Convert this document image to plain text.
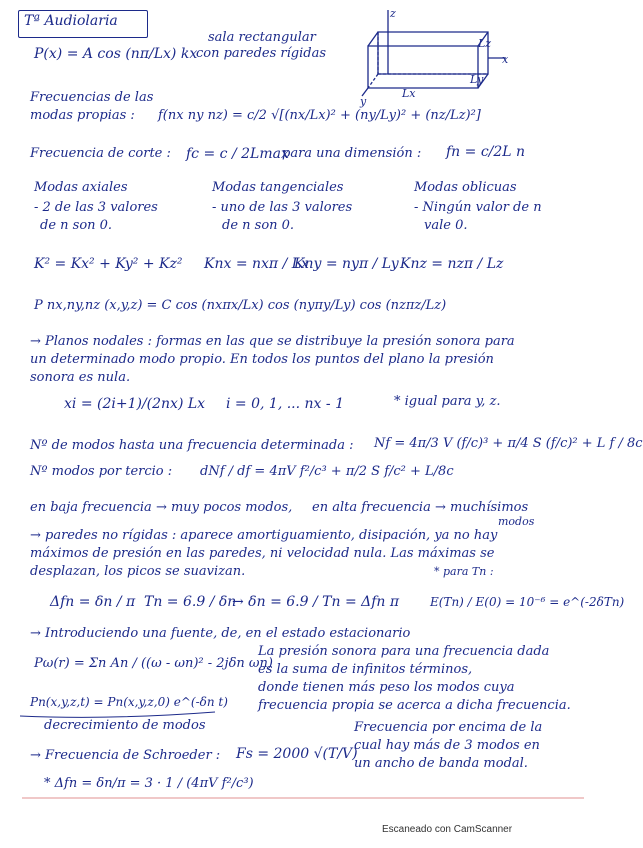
Tª Audiolaria	z
x
y
Lz
Ly
Lx
P(x) = A cos (nπ/Lx) kx
sala rectangular
con paredes rígidas
Frecuencias de las
modas propias : f(nx ny nz) = c/2 √[(nx/Lx)² + (ny/Ly)² + (nz/Lz)²]
Frecuencia de corte : fc = c / 2Lmax
para una dimensión : fn = c/2L n
Modas axiales
- 2 de las 3 valores
de n son 0.
Modas tangenciales
- uno de las 3 valores
de n son 0.
Modas oblicuas
- Ningún valor de n
vale 0.
K² = Kx² + Ky² + Kz² Knx = nxπ / Lx
Kny = nyπ / Ly Knz = nzπ / Lz
P nx,ny,nz (x,y,z) = C cos (nxπx/Lx) cos (nyπy/Ly) cos (nzπz/Lz)
→ Planos nodales : formas en las que se distribuye la presión sonora para
un determinado modo propio. En todos los puntos del plano la presión
sonora es nula.
xi = (2i+1)/(2nx) Lx i = 0, 1, ... nx - 1	* igual para y, z.
Nº de modos hasta una frecuencia determinada : Nf = 4π/3 V (f/c)³ + π/4 S (f/c)² + L f / 8c
Nº modos por tercio : dNf / df = 4πV f²/c³ + π/2 S f/c² + L/8c
en baja frecuencia → muy pocos modos, en alta frecuencia → muchísimos
modos
→ paredes no rígidas : aparece amortiguamiento, disipación, ya no hay
máximos de presión en las paredes, ni velocidad nula. Las máximas se
desplazan, los picos se suavizan.	* para Tn :
Δfn = δn / π Tn = 6.9 / δn
→ δn = 6.9 / Tn = Δfn π	E(Tn) / E(0) = 10⁻⁶ = e^(-2δTn)
→ Introduciendo una fuente, de, en el estado estacionario
Pω(r) = Σn An / ((ω - ωn)² - 2jδn ωn)
La presión sonora para una frecuencia dada
es la suma de infinitos términos,
donde tienen más peso los modos cuya
frecuencia propia se acerca a dicha frecuencia.
Pn(x,y,z,t) = Pn(x,y,z,0) e^(-δn t)
decrecimiento de modos
→ Frecuencia de Schroeder : Fs = 2000 √(T/V)
Frecuencia por encima de la
cual hay más de 3 modos en
un ancho de banda modal.
* Δfn = δn/π = 3 · 1 / (4πV f²/c³)
Escaneado con CamScanner
